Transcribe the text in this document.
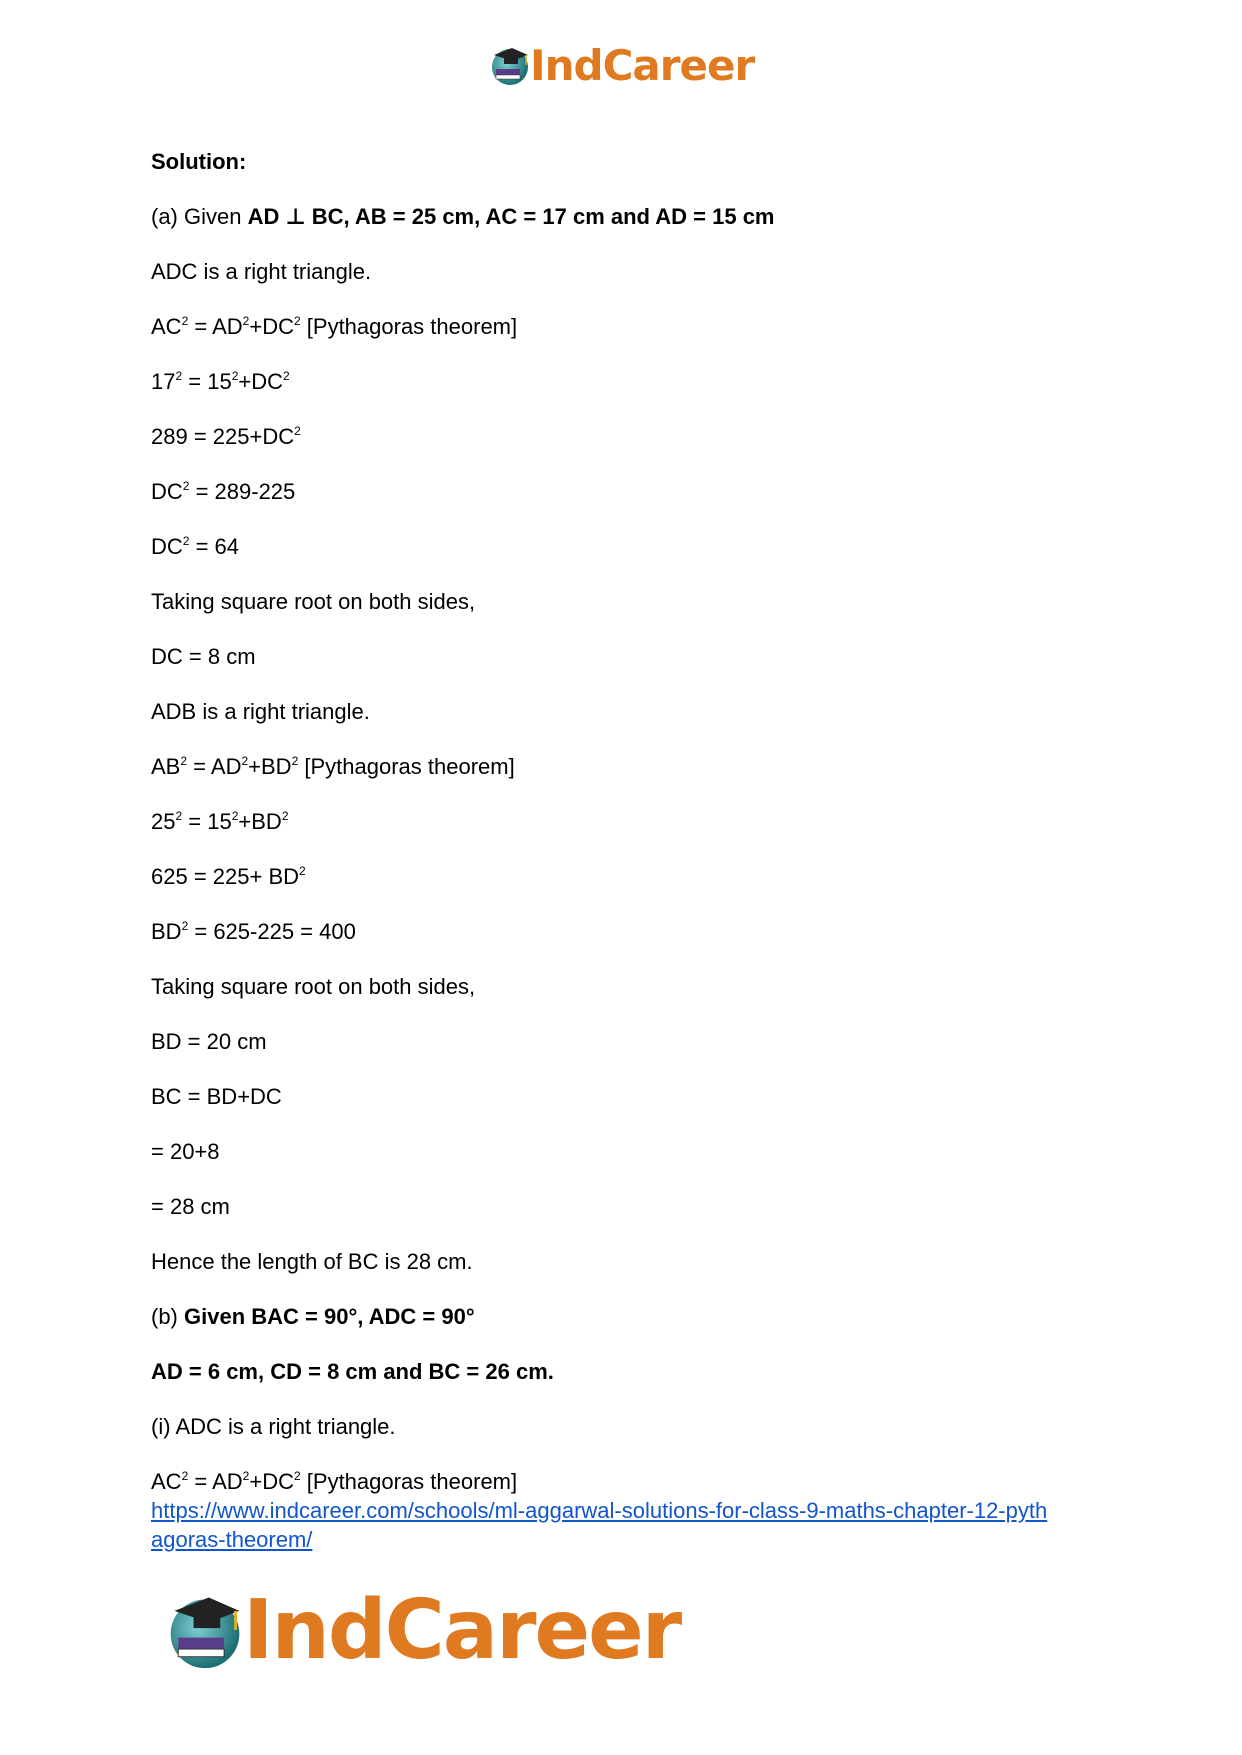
IndCareer
Solution:
(a) Given AD ⊥ BC, AB = 25 cm, AC = 17 cm and AD = 15 cm
ADC is a right triangle.
$AC^2 = AD^2+DC^2$ [Pythagoras theorem]
$17^2 = 15^2+DC^2$
$289 = 225+DC^2$
$DC^2 = 289-225$
$DC^2 = 64$
Taking square root on both sides,
DC = 8 cm
ADB is a right triangle.
$AB^2 = AD^2+BD^2$ [Pythagoras theorem]
$25^2 = 15^2+BD^2$
$625 = 225+ BD^2$
$BD^2 = 625-225 = 400$
Taking square root on both sides,
BD = 20 cm
BC = BD+DC
= 20+8
= 28 cm
Hence the length of BC is 28 cm.
(b) Given BAC = 90°, ADC = 90°
AD = 6 cm, CD = 8 cm and BC = 26 cm.
(i) ADC is a right triangle.
$AC^2 = AD^2+DC^2$ [Pythagoras theorem]
https://www.indcareer.com/schools/ml-aggarwal-solutions-for-class-9-maths-chapter-12-pyth
agoras-theorem/
IndCareer
